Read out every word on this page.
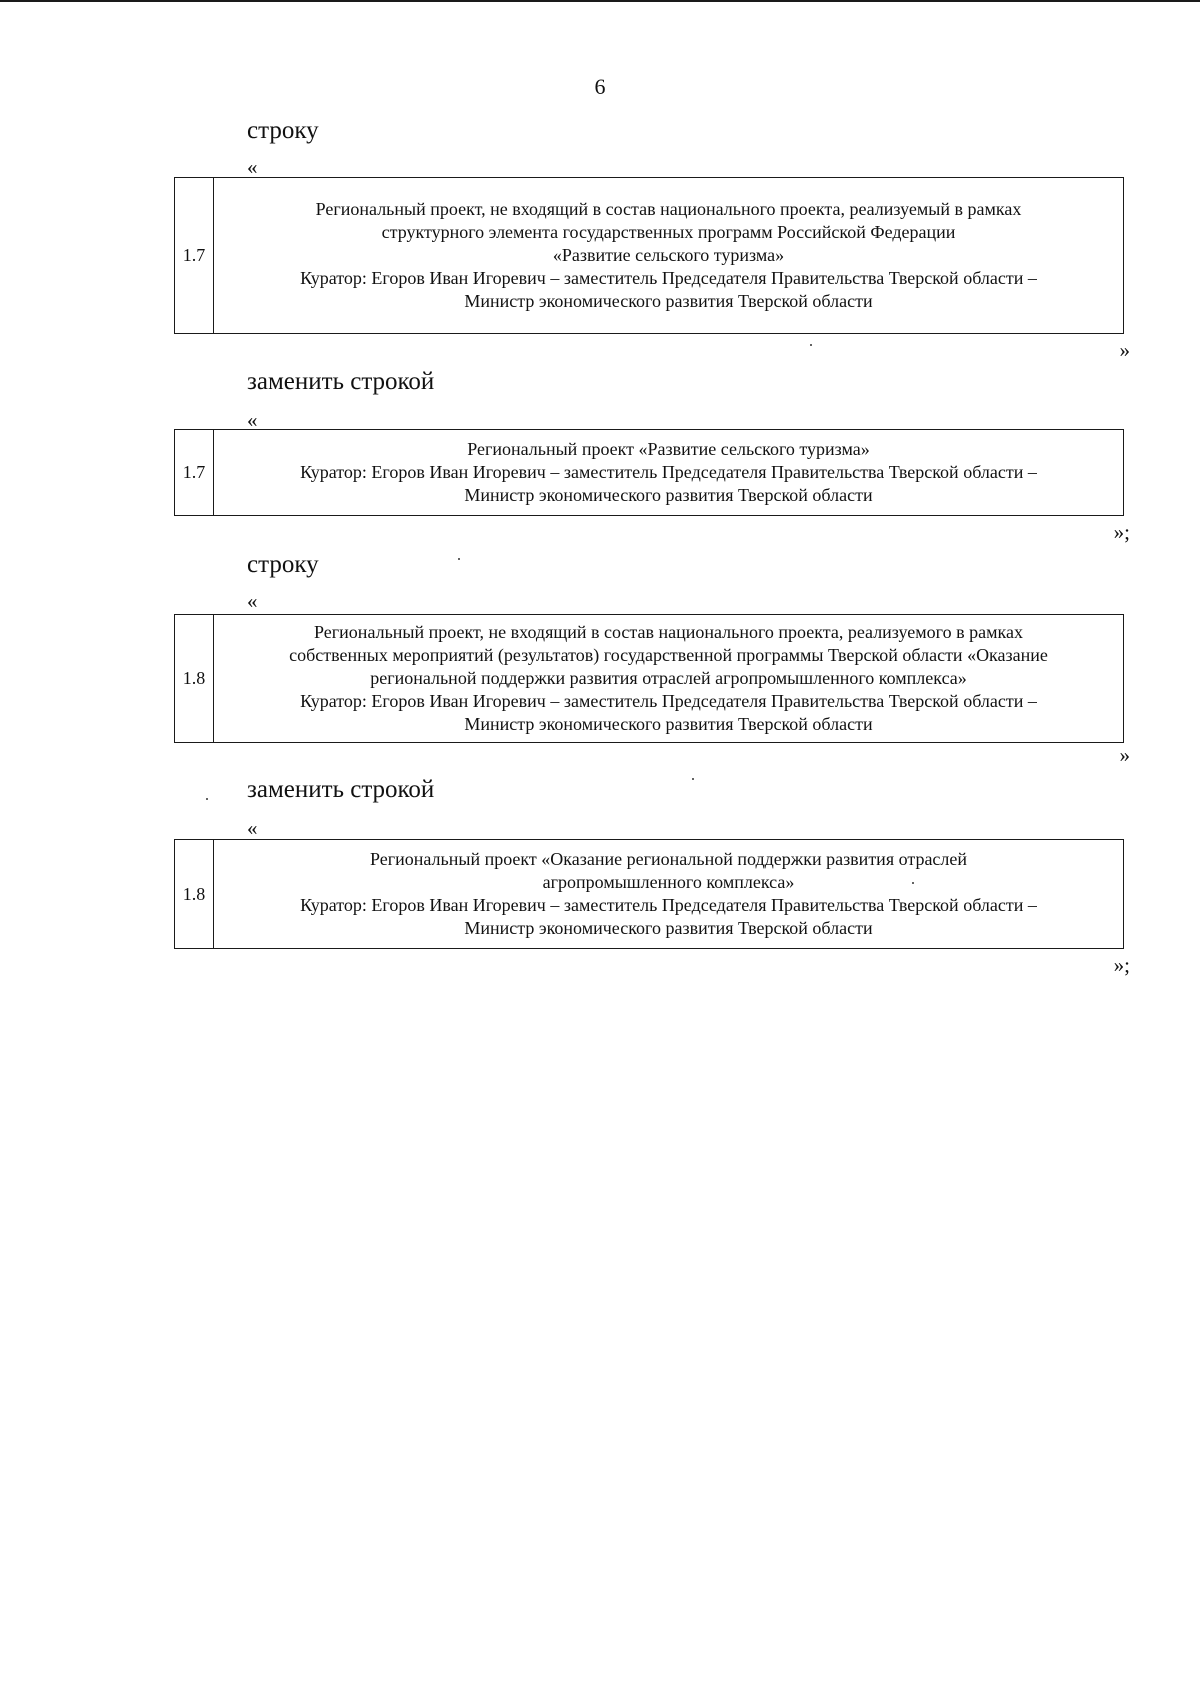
6
строку
«
1.7	
Региональный проект, не входящий в состав национального проекта, реализуемый в рамках
структурного элемента государственных программ Российской Федерации
«Развитие сельского туризма»
Куратор: Егоров Иван Игоревич – заместитель Председателя Правительства Тверской области –
Министр экономического развития Тверской области
»
заменить строкой
«
1.7	
Региональный проект «Развитие сельского туризма»
Куратор: Егоров Иван Игоревич – заместитель Председателя Правительства Тверской области –
Министр экономического развития Тверской области
»;
строку
«
1.8	
Региональный проект, не входящий в состав национального проекта, реализуемого в рамках
собственных мероприятий (результатов) государственной программы Тверской области «Оказание
региональной поддержки развития отраслей агропромышленного комплекса»
Куратор: Егоров Иван Игоревич – заместитель Председателя Правительства Тверской области –
Министр экономического развития Тверской области
»
заменить строкой
«
1.8	
Региональный проект «Оказание региональной поддержки развития отраслей
агропромышленного комплекса»
Куратор: Егоров Иван Игоревич – заместитель Председателя Правительства Тверской области –
Министр экономического развития Тверской области
»;
